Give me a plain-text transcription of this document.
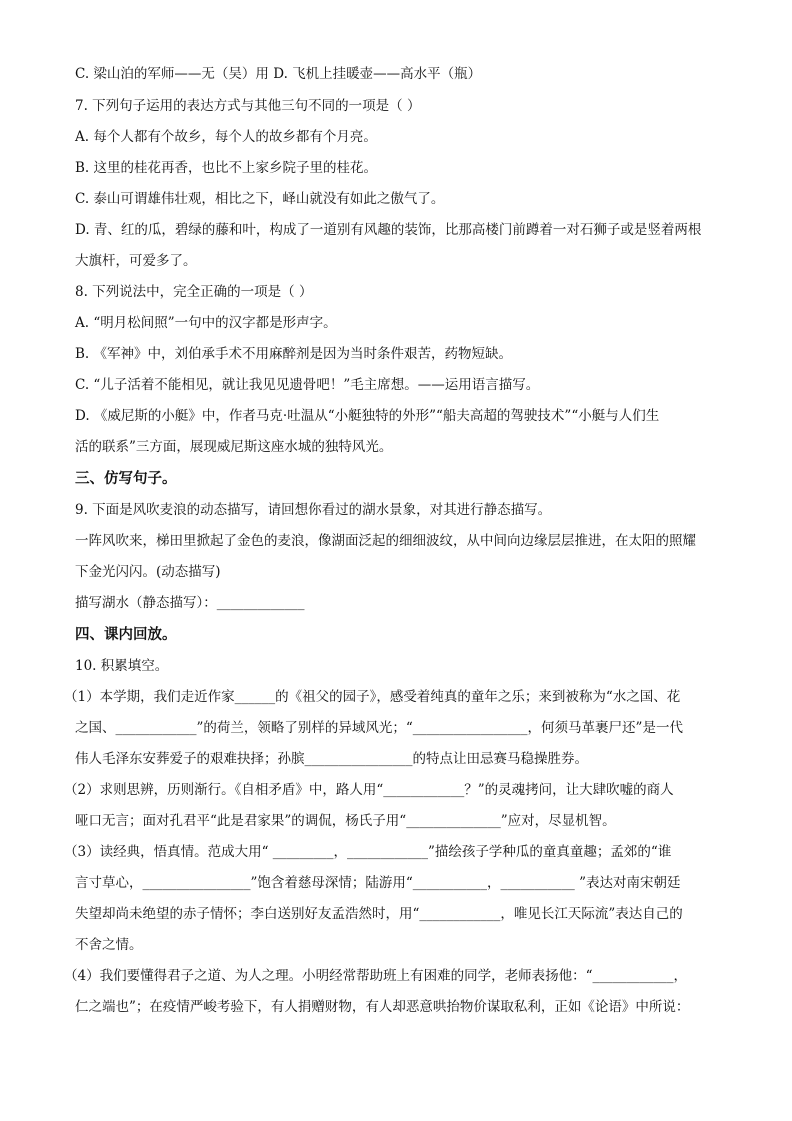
C. 梁山泊的军师——无（吴）用 D. 飞机上挂暖壶——高水平（瓶）
7. 下列句子运用的表达方式与其他三句不同的一项是（ ）
A. 每个人都有个故乡，每个人的故乡都有个月亮。
B. 这里的桂花再香，也比不上家乡院子里的桂花。
C. 泰山可谓雄伟壮观，相比之下，峄山就没有如此之傲气了。
D. 青、红的瓜，碧绿的藤和叶，构成了一道别有风趣的装饰，比那高楼门前蹲着一对石狮子或是竖着两根
大旗杆，可爱多了。
8. 下列说法中，完全正确的一项是（ ）
A. “明月松间照”一句中的汉字都是形声字。
B. 《军神》中，刘伯承手术不用麻醉剂是因为当时条件艰苦，药物短缺。
C. “儿子活着不能相见，就让我见见遗骨吧！”毛主席想。——运用语言描写。
D. 《威尼斯的小艇》中，作者马克·吐温从“小艇独特的外形”“船夫高超的驾驶技术”“小艇与人们生
活的联系”三方面，展现威尼斯这座水城的独特风光。
三、仿写句子。
9. 下面是风吹麦浪的动态描写，请回想你看过的湖水景象，对其进行静态描写。
一阵风吹来，梯田里掀起了金色的麦浪，像湖面泛起的细细波纹，从中间向边缘层层推进，在太阳的照耀
下金光闪闪。(动态描写)
描写湖水（静态描写）：_____________
四、课内回放。
10. 积累填空。
（1）本学期，我们走近作家______的《祖父的园子》，感受着纯真的童年之乐；来到被称为“水之国、花
之国、____________”的荷兰，领略了别样的异域风光；“_________________，何须马革裹尸还”是一代
伟人毛泽东安葬爱子的艰难抉择；孙膑________________的特点让田忌赛马稳操胜券。
（2）求则思辨，历则渐行。《自相矛盾》中，路人用“____________？”的灵魂拷问，让大肆吹嘘的商人
哑口无言；面对孔君平“此是君家果”的调侃，杨氏子用“______________”应对，尽显机智。
（3）读经典，悟真情。范成大用“ _________，____________”描绘孩子学种瓜的童真童趣；孟郊的“谁
言寸草心，________________”饱含着慈母深情；陆游用“___________，___________ ”表达对南宋朝廷
失望却尚未绝望的赤子情怀；李白送别好友孟浩然时，用“____________，唯见长江天际流”表达自己的
不舍之情。
（4）我们要懂得君子之道、为人之理。小明经常帮助班上有困难的同学，老师表扬他：“____________，
仁之端也”；在疫情严峻考验下，有人捐赠财物，有人却恶意哄抬物价谋取私利，正如《论语》中所说：
